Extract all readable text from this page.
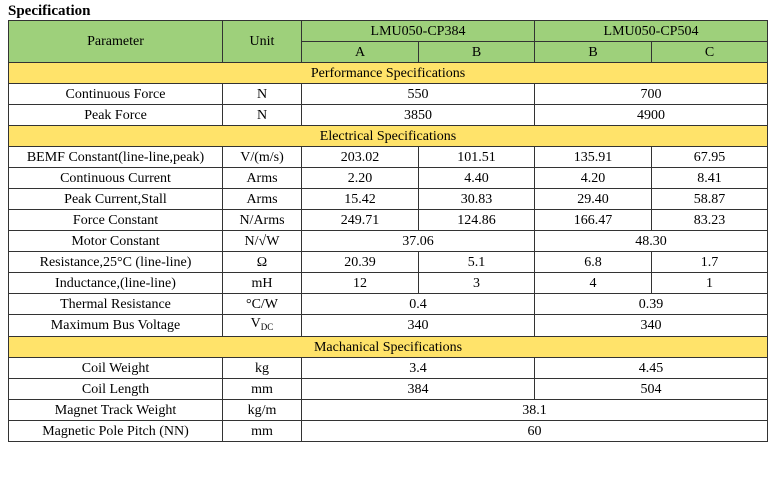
Specification
Parameter	Unit	LMU050-CP384		LMU050-CP504	
		A	B	B	C
Performance Specifications					
Continuous Force	N	550		700	
Peak Force	N	3850		4900	
Electrical Specifications					
BEMF Constant(line-line,peak)	V/(m/s)	203.02	101.51	135.91	67.95
Continuous Current	Arms	2.20	4.40	4.20	8.41
Peak Current,Stall	Arms	15.42	30.83	29.40	58.87
Force Constant	N/Arms	249.71	124.86	166.47	83.23
Motor Constant	N/√W	37.06		48.30	
Resistance,25°C (line-line)	Ω	20.39	5.1	6.8	1.7
Inductance,(line-line)	mH	12	3	4	1
Thermal Resistance	°C/W	0.4		0.39	
Maximum Bus Voltage	$V_{DC}$	340		340	
Machanical Specifications					
Coil Weight	kg	3.4		4.45	
Coil Length	mm	384		504	
Magnet Track Weight	kg/m	38.1			
Magnetic Pole Pitch (NN)	mm	60			
